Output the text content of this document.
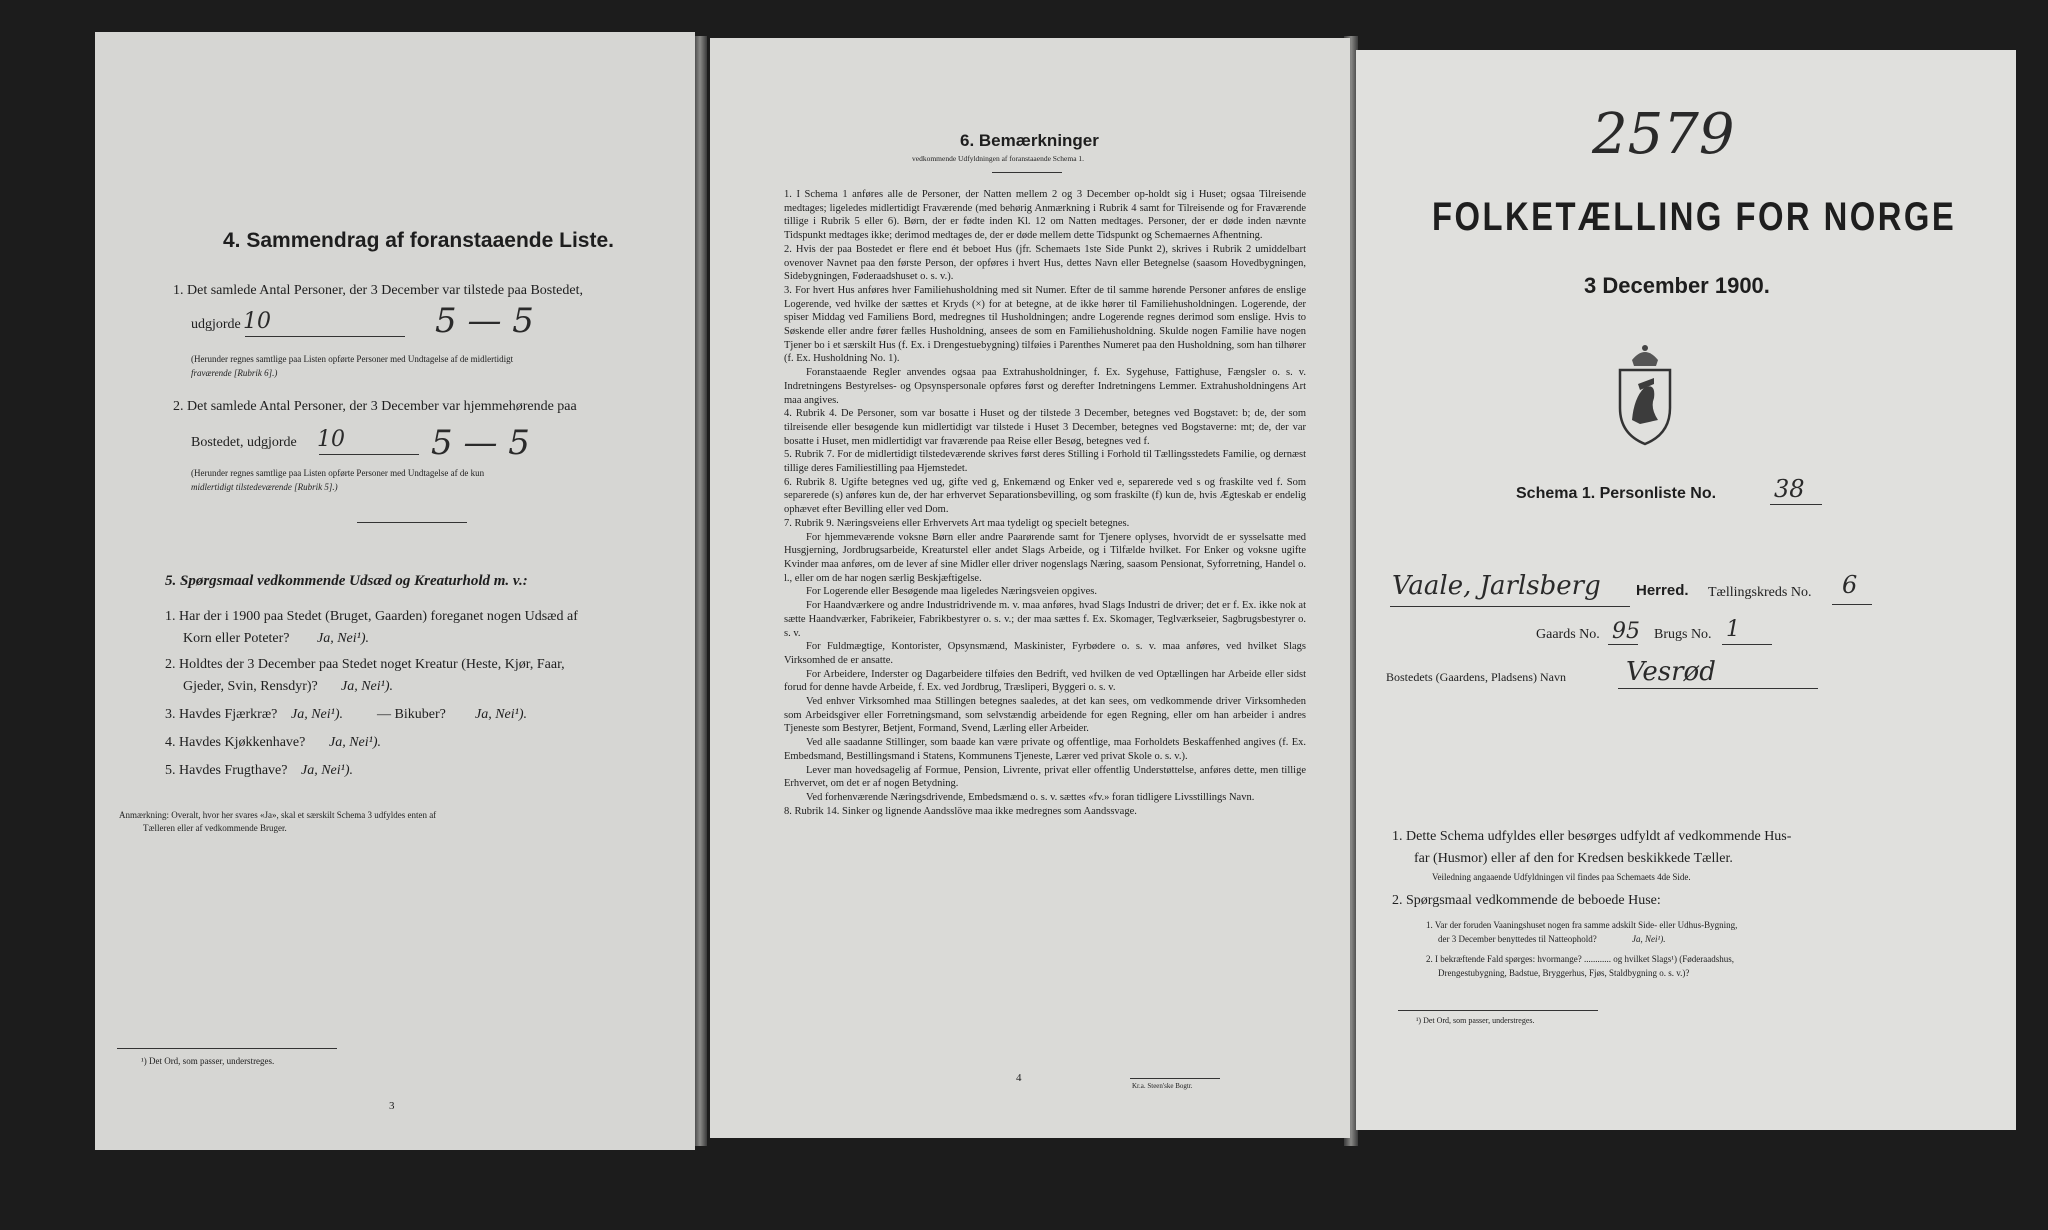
4. Sammendrag af foranstaaende Liste.
1. Det samlede Antal Personer, der 3 December var tilstede paa Bostedet,
udgjorde 10	5 — 5
(Herunder regnes samtlige paa Listen opførte Personer med Undtagelse af de midlertidigt
fraværende [Rubrik 6].)
2. Det samlede Antal Personer, der 3 December var hjemmehørende paa
Bostedet, udgjorde 10	5 — 5
(Herunder regnes samtlige paa Listen opførte Personer med Undtagelse af de kun
midlertidigt tilstedeværende [Rubrik 5].)
5. Spørgsmaal vedkommende Udsæd og Kreaturhold m. v.:
1. Har der i 1900 paa Stedet (Bruget, Gaarden) foreganet nogen Udsæd af
Korn eller Poteter? Ja, Nei¹).
2. Holdtes der 3 December paa Stedet noget Kreatur (Heste, Kjør, Faar,
Gjeder, Svin, Rensdyr)? Ja, Nei¹).
3. Havdes Fjærkræ? Ja, Nei¹). — Bikuber? Ja, Nei¹).
4. Havdes Kjøkkenhave? Ja, Nei¹).
5. Havdes Frugthave? Ja, Nei¹).
Anmærkning: Overalt, hvor her svares «Ja», skal et særskilt Schema 3 udfyldes enten af
Tælleren eller af vedkommende Bruger.
¹) Det Ord, som passer, understreges.
3
6. Bemærkninger
vedkommende Udfyldningen af foranstaaende Schema 1.

1. I Schema 1 anføres alle de Personer, der Natten mellem 2 og 3 December op-holdt sig i Huset; ogsaa Tilreisende medtages; ligeledes midlertidigt Fraværende (med behørig Anmærkning i Rubrik 4 samt for Tilreisende og for Fraværende tillige i Rubrik 5 eller 6). Børn, der er fødte inden Kl. 12 om Natten medtages. Personer, der er døde inden nævnte Tidspunkt medtages ikke; derimod medtages de, der er døde mellem dette Tidspunkt og Schemaernes Afhentning.

2. Hvis der paa Bostedet er flere end ét beboet Hus (jfr. Schemaets 1ste Side Punkt 2), skrives i Rubrik 2 umiddelbart ovenover Navnet paa den første Person, der opføres i hvert Hus, dettes Navn eller Betegnelse (saasom Hovedbygningen, Sidebygningen, Føderaadshuset o. s. v.).

3. For hvert Hus anføres hver Familiehusholdning med sit Numer. Efter de til samme hørende Personer anføres de enslige Logerende, ved hvilke der sættes et Kryds (×) for at betegne, at de ikke hører til Familiehusholdningen. Logerende, der spiser Middag ved Familiens Bord, medregnes til Husholdningen; andre Logerende regnes derimod som enslige. Hvis to Søskende eller andre fører fælles Husholdning, ansees de som en Familiehusholdning. Skulde nogen Familie have nogen Tjener bo i et særskilt Hus (f. Ex. i Drengestuebygning) tilføies i Parenthes Numeret paa den Husholdning, som han tilhører (f. Ex. Husholdning No. 1).

Foranstaaende Regler anvendes ogsaa paa Extrahusholdninger, f. Ex. Sygehuse, Fattighuse, Fængsler o. s. v. Indretningens Bestyrelses- og Opsynspersonale opføres først og derefter Indretningens Lemmer. Extrahusholdningens Art maa angives.

4. Rubrik 4. De Personer, som var bosatte i Huset og der tilstede 3 December, betegnes ved Bogstavet: b; de, der som tilreisende eller besøgende kun midlertidigt var tilstede i Huset 3 December, betegnes ved Bogstaverne: mt; de, der var bosatte i Huset, men midlertidigt var fraværende paa Reise eller Besøg, betegnes ved f.

5. Rubrik 7. For de midlertidigt tilstedeværende skrives først deres Stilling i Forhold til Tællingsstedets Familie, og dernæst tillige deres Familiestilling paa Hjemstedet.

6. Rubrik 8. Ugifte betegnes ved ug, gifte ved g, Enkemænd og Enker ved e, separerede ved s og fraskilte ved f. Som separerede (s) anføres kun de, der har erhvervet Separationsbevilling, og som fraskilte (f) kun de, hvis Ægteskab er endelig ophævet efter Bevilling eller ved Dom.

7. Rubrik 9. Næringsveiens eller Erhvervets Art maa tydeligt og specielt betegnes.

For hjemmeværende voksne Børn eller andre Paarørende samt for Tjenere oplyses, hvorvidt de er sysselsatte med Husgjerning, Jordbrugsarbeide, Kreaturstel eller andet Slags Arbeide, og i Tilfælde hvilket. For Enker og voksne ugifte Kvinder maa anføres, om de lever af sine Midler eller driver nogenslags Næring, saasom Pensionat, Syforretning, Handel o. l., eller om de har nogen særlig Beskjæftigelse.

For Logerende eller Besøgende maa ligeledes Næringsveien opgives.

For Haandværkere og andre Industridrivende m. v. maa anføres, hvad Slags Industri de driver; det er f. Ex. ikke nok at sætte Haandværker, Fabrikeier, Fabrikbestyrer o. s. v.; der maa sættes f. Ex. Skomager, Teglværkseier, Sagbrugsbestyrer o. s. v.

For Fuldmægtige, Kontorister, Opsynsmænd, Maskinister, Fyrbødere o. s. v. maa anføres, ved hvilket Slags Virksomhed de er ansatte.

For Arbeidere, Inderster og Dagarbeidere tilføies den Bedrift, ved hvilken de ved Optællingen har Arbeide eller sidst forud for denne havde Arbeide, f. Ex. ved Jordbrug, Træsliperi, Byggeri o. s. v.

Ved enhver Virksomhed maa Stillingen betegnes saaledes, at det kan sees, om vedkommende driver Virksomheden som Arbeidsgiver eller Forretningsmand, som selvstændig arbeidende for egen Regning, eller om han arbeider i andres Tjeneste som Bestyrer, Betjent, Formand, Svend, Lærling eller Arbeider.

Ved alle saadanne Stillinger, som baade kan være private og offentlige, maa Forholdets Beskaffenhed angives (f. Ex. Embedsmand, Bestillingsmand i Statens, Kommunens Tjeneste, Lærer ved privat Skole o. s. v.).

Lever man hovedsagelig af Formue, Pension, Livrente, privat eller offentlig Understøttelse, anføres dette, men tillige Erhvervet, om det er af nogen Betydning.

Ved forhenværende Næringsdrivende, Embedsmænd o. s. v. sættes «fv.» foran tidligere Livsstillings Navn.

8. Rubrik 14. Sinker og lignende Aandsslöve maa ikke medregnes som Aandssvage.

4
Kr.a. Steen'ske Bogtr.
2579
FOLKETÆLLING FOR NORGE
3 December 1900.
Schema 1. Personliste No. 38
Vaale, Jarlsberg Herred. Tællingskreds No. 6
Gaards No. 95 Brugs No. 1
Bostedets (Gaardens, Pladsens) Navn Vesrød
1. Dette Schema udfyldes eller besørges udfyldt af vedkommende Hus-
far (Husmor) eller af den for Kredsen beskikkede Tæller.
Veiledning angaaende Udfyldningen vil findes paa Schemaets 4de Side.
2. Spørgsmaal vedkommende de beboede Huse:
1. Var der foruden Vaaningshuset nogen fra samme adskilt Side- eller Udhus-Bygning,
der 3 December benyttedes til Natteophold?	Ja, Nei¹).
2. I bekræftende Fald spørges: hvormange? ............ og hvilket Slags¹) (Føderaadshus,
Drengestubygning, Badstue, Bryggerhus, Fjøs, Staldbygning o. s. v.)?
¹) Det Ord, som passer, understreges.
